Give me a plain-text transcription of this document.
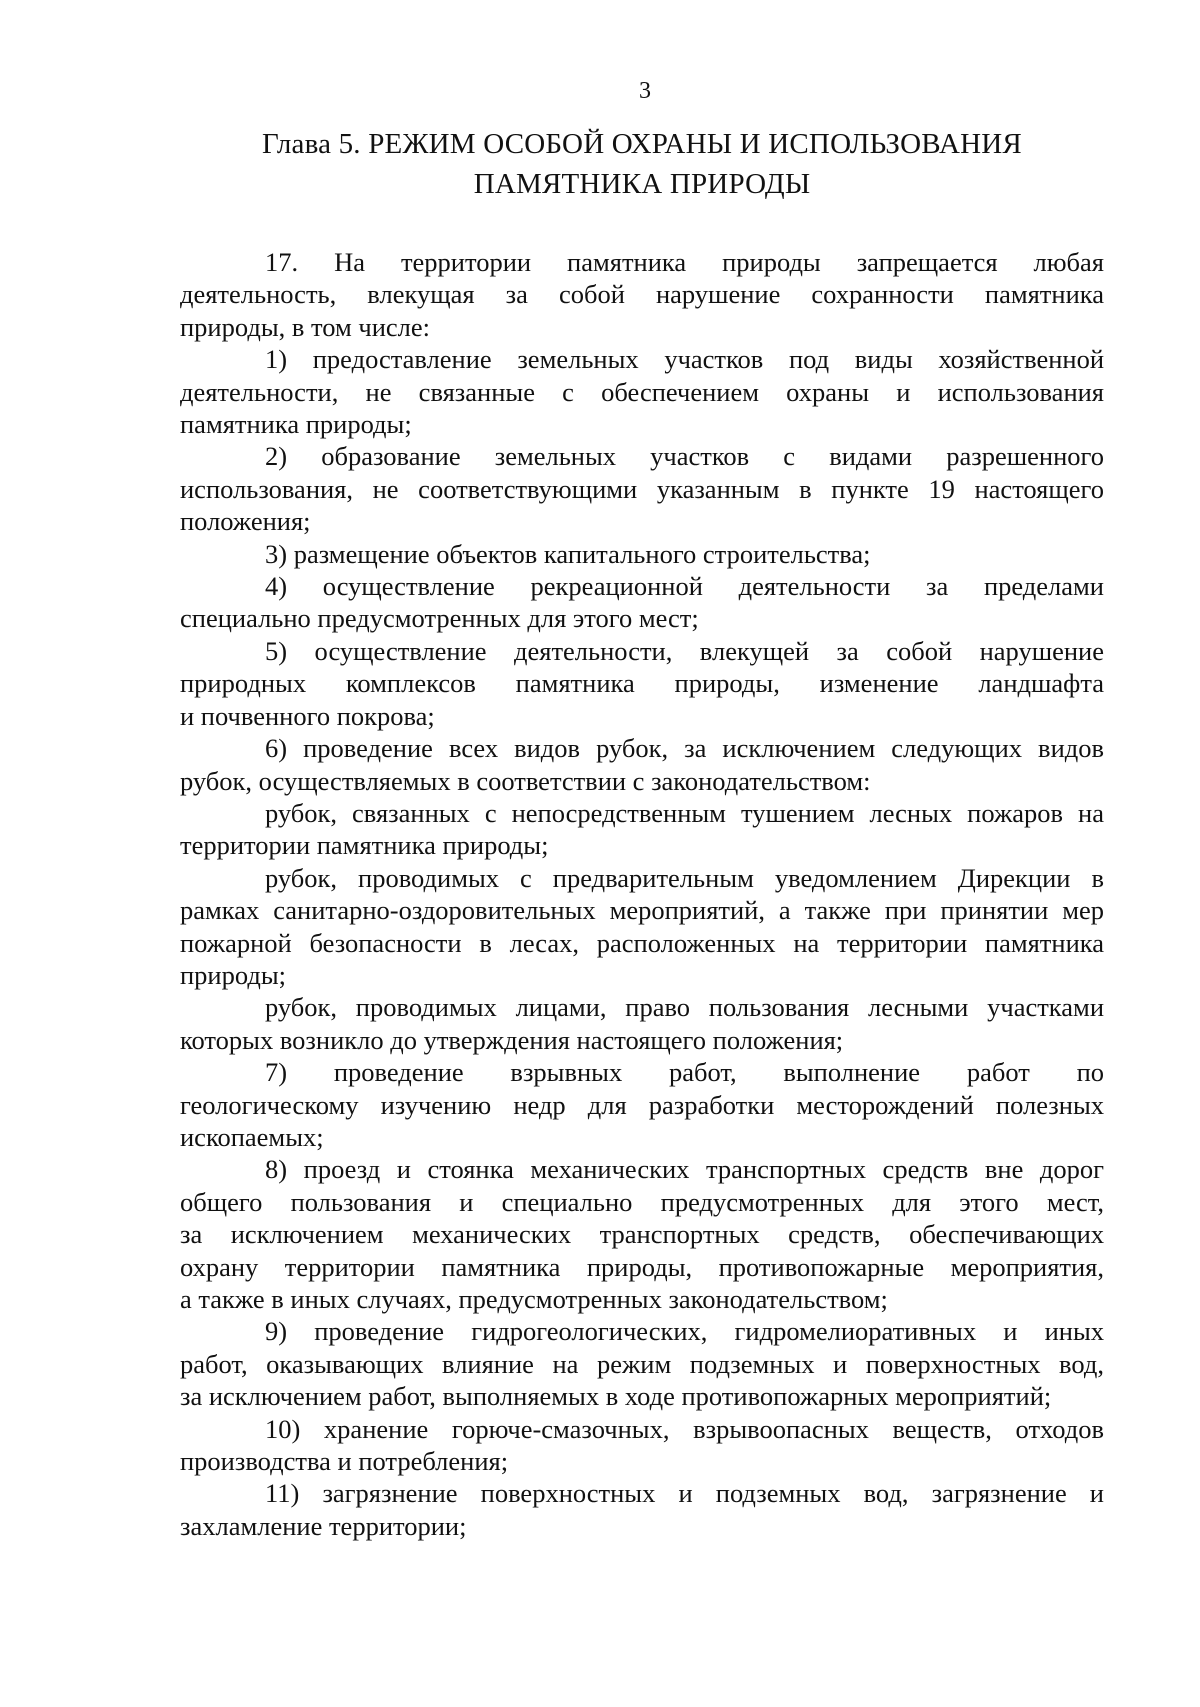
3
Глава 5. РЕЖИМ ОСОБОЙ ОХРАНЫ И ИСПОЛЬЗОВАНИЯ
ПАМЯТНИКА ПРИРОДЫ
17. На территории памятника природы запрещается любая
деятельность, влекущая за собой нарушение сохранности памятника
природы, в том числе:
1) предоставление земельных участков под виды хозяйственной
деятельности, не связанные с обеспечением охраны и использования
памятника природы;
2) образование земельных участков с видами разрешенного
использования, не соответствующими указанным в пункте 19 настоящего
положения;
3) размещение объектов капитального строительства;
4) осуществление рекреационной деятельности за пределами
специально предусмотренных для этого мест;
5) осуществление деятельности, влекущей за собой нарушение
природных комплексов памятника природы, изменение ландшафта
и почвенного покрова;
6) проведение всех видов рубок, за исключением следующих видов
рубок, осуществляемых в соответствии с законодательством:
рубок, связанных с непосредственным тушением лесных пожаров на
территории памятника природы;
рубок, проводимых с предварительным уведомлением Дирекции в
рамках санитарно-оздоровительных мероприятий, а также при принятии мер
пожарной безопасности в лесах, расположенных на территории памятника
природы;
рубок, проводимых лицами, право пользования лесными участками
которых возникло до утверждения настоящего положения;
7) проведение взрывных работ, выполнение работ по
геологическому изучению недр для разработки месторождений полезных
ископаемых;
8) проезд и стоянка механических транспортных средств вне дорог
общего пользования и специально предусмотренных для этого мест,
за исключением механических транспортных средств, обеспечивающих
охрану территории памятника природы, противопожарные мероприятия,
а также в иных случаях, предусмотренных законодательством;
9) проведение гидрогеологических, гидромелиоративных и иных
работ, оказывающих влияние на режим подземных и поверхностных вод,
за исключением работ, выполняемых в ходе противопожарных мероприятий;
10) хранение горюче-смазочных, взрывоопасных веществ, отходов
производства и потребления;
11) загрязнение поверхностных и подземных вод, загрязнение и
захламление территории;
